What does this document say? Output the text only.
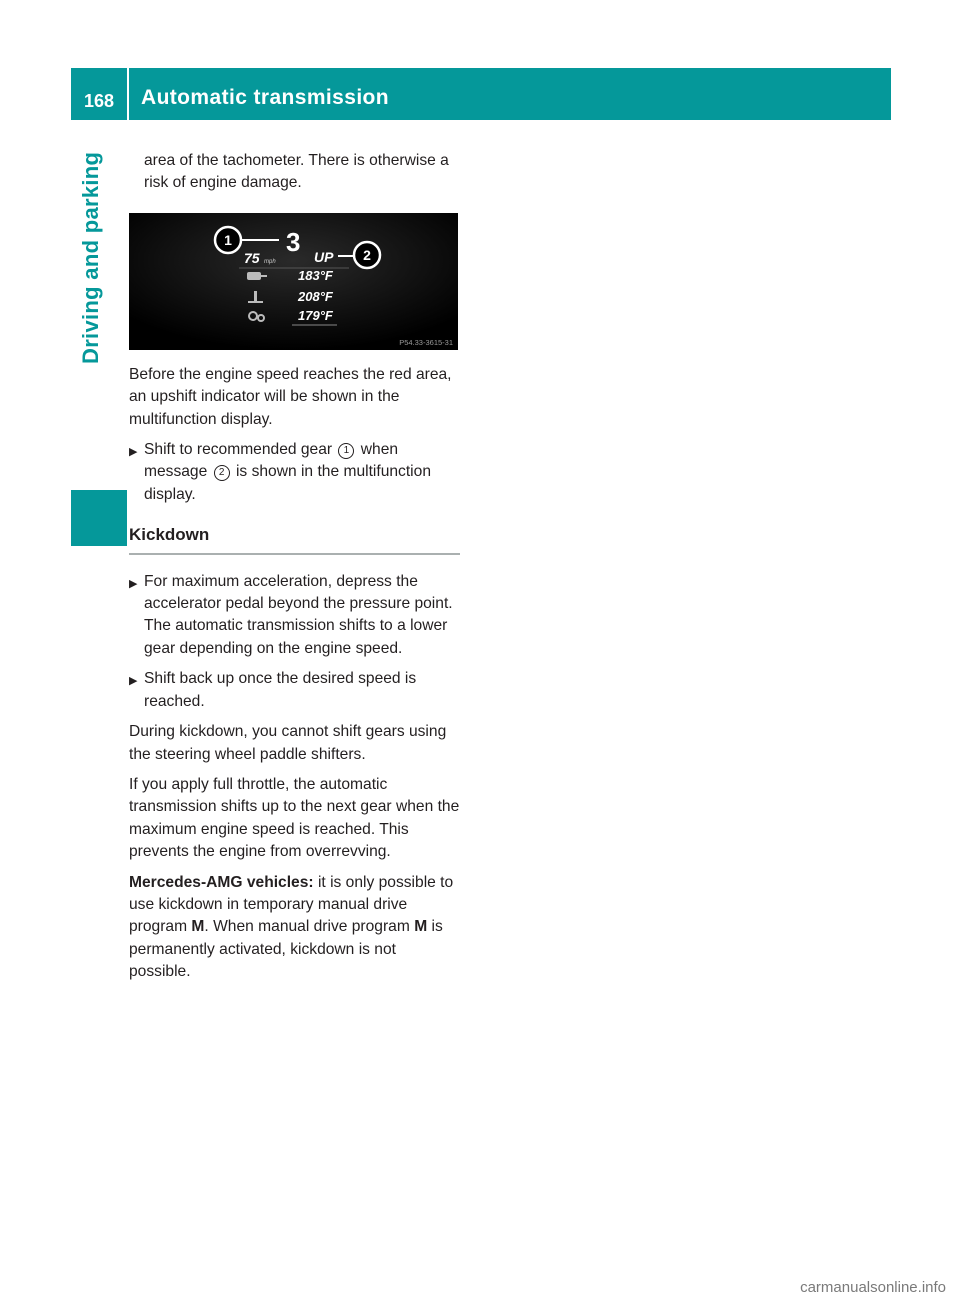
168	Automatic transmission
Driving and parking	area of the tachometer. There is otherwise a risk of engine damage.

1 3
75 mph	UP 2
183°F
208°F
179°F
P54.33-3615-31

Before the engine speed reaches the red area, an upshift indicator will be shown in the multifunction display.

▶ Shift to recommended gear 1 when message 2 is shown in the multifunction display.
Kickdown
▶ For maximum acceleration, depress the accelerator pedal beyond the pressure point.
The automatic transmission shifts to a lower gear depending on the engine speed.
▶ Shift back up once the desired speed is reached.

During kickdown, you cannot shift gears using the steering wheel paddle shifters.

If you apply full throttle, the automatic transmission shifts up to the next gear when the maximum engine speed is reached. This prevents the engine from overrevving.

Mercedes-AMG vehicles: it is only possible to use kickdown in temporary manual drive program M. When manual drive program M is permanently activated, kickdown is not possible.

carmanualsonline.info
